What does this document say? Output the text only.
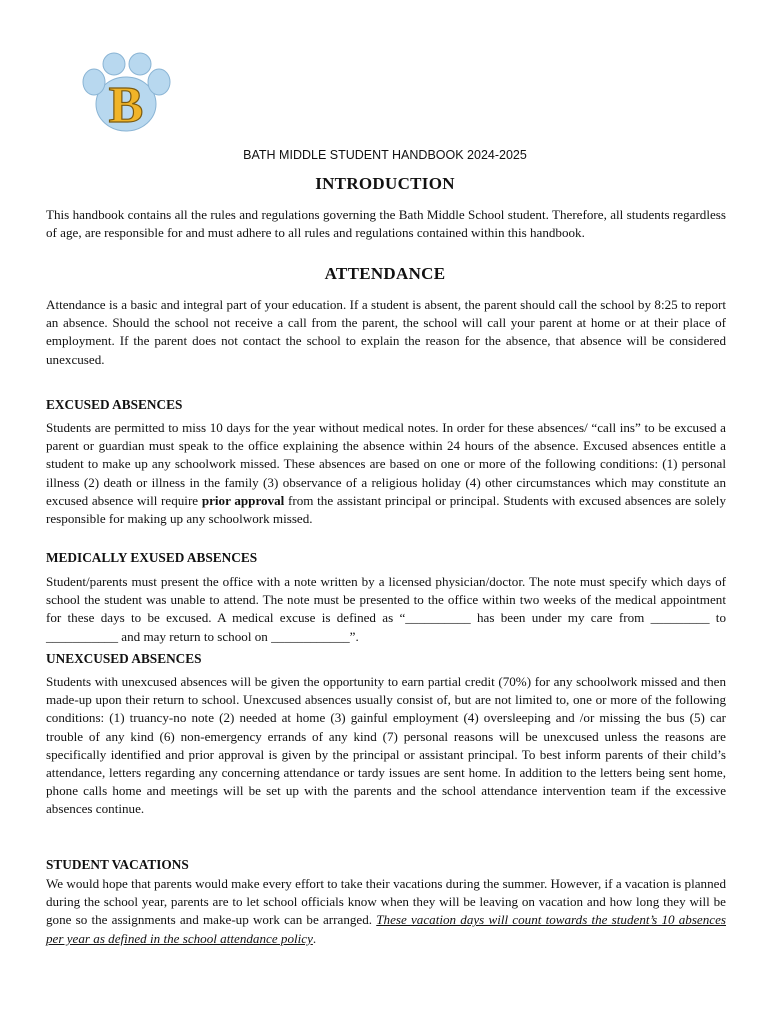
B
BATH MIDDLE STUDENT HANDBOOK 2024-2025
INTRODUCTION

This handbook contains all the rules and regulations governing the Bath Middle School student. Therefore, all students regardless of age, are responsible for and must adhere to all rules and regulations contained within this handbook.

ATTENDANCE

Attendance is a basic and integral part of your education. If a student is absent, the parent should call the school by 8:25 to report an absence. Should the school not receive a call from the parent, the school will call your parent at home or at their place of employment. If the parent does not contact the school to explain the reason for the absence, that absence will be considered unexcused.

EXCUSED ABSENCES

Students are permitted to miss 10 days for the year without medical notes. In order for these absences/ “call ins” to be excused a parent or guardian must speak to the office explaining the absence within 24 hours of the absence. Excused absences entitle a student to make up any schoolwork missed. These absences are based on one or more of the following conditions: (1) personal illness (2) death or illness in the family (3) observance of a religious holiday (4) other circumstances which may constitute an excused absence will require prior approval from the assistant principal or principal. Students with excused absences are solely responsible for making up any schoolwork missed.

MEDICALLY EXUSED ABSENCES

Student/parents must present the office with a note written by a licensed physician/doctor. The note must specify which days of school the student was unable to attend. The note must be presented to the office within two weeks of the medical appointment for these days to be excused. A medical excuse is defined as “__________ has been under my care from _________ to ___________ and may return to school on ____________”.

UNEXCUSED ABSENCES

Students with unexcused absences will be given the opportunity to earn partial credit (70%) for any schoolwork missed and then made-up upon their return to school. Unexcused absences usually consist of, but are not limited to, one or more of the following conditions: (1) truancy-no note (2) needed at home (3) gainful employment (4) oversleeping and /or missing the bus (5) car trouble of any kind (6) non-emergency errands of any kind (7) personal reasons will be unexcused unless the reasons are specifically identified and prior approval is given by the principal or assistant principal. To best inform parents of their child’s attendance, letters regarding any concerning attendance or tardy issues are sent home. In addition to the letters being sent home, phone calls home and meetings will be set up with the parents and the school attendance intervention team if the excessive absences continue.

STUDENT VACATIONS

We would hope that parents would make every effort to take their vacations during the summer. However, if a vacation is planned during the school year, parents are to let school officials know when they will be leaving on vacation and how long they will be gone so the assignments and make-up work can be arranged. These vacation days will count towards the student’s 10 absences per year as defined in the school attendance policy.
